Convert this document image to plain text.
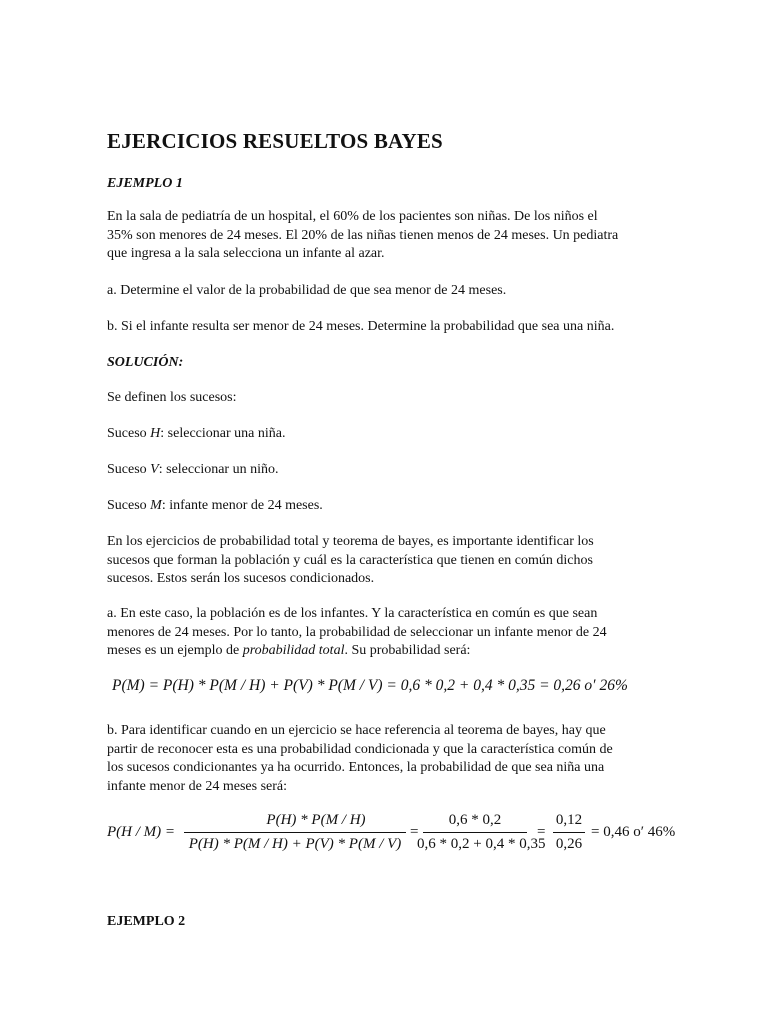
EJERCICIOS RESUELTOS BAYES
EJEMPLO 1
En la sala de pediatría de un hospital, el 60% de los pacientes son niñas. De los niños el
35% son menores de 24 meses. El 20% de las niñas tienen menos de 24 meses. Un pediatra
que ingresa a la sala selecciona un infante al azar.
a. Determine el valor de la probabilidad de que sea menor de 24 meses.
b. Si el infante resulta ser menor de 24 meses. Determine la probabilidad que sea una niña.
SOLUCIÓN:
Se definen los sucesos:
Suceso H: seleccionar una niña.
Suceso V: seleccionar un niño.
Suceso M: infante menor de 24 meses.
En los ejercicios de probabilidad total y teorema de bayes, es importante identificar los
sucesos que forman la población y cuál es la característica que tienen en común dichos
sucesos. Estos serán los sucesos condicionados.
a. En este caso, la población es de los infantes. Y la característica en común es que sean
menores de 24 meses. Por lo tanto, la probabilidad de seleccionar un infante menor de 24
meses es un ejemplo de probabilidad total. Su probabilidad será:
P(M) = P(H) * P(M / H) + P(V) * P(M / V) = 0,6 * 0,2 + 0,4 * 0,35 = 0,26 o′ 26%
b. Para identificar cuando en un ejercicio se hace referencia al teorema de bayes, hay que
partir de reconocer esta es una probabilidad condicionada y que la característica común de
los sucesos condicionantes ya ha ocurrido. Entonces, la probabilidad de que sea niña una
infante menor de 24 meses será:
P(H / M) =
P(H) * P(M / H)
P(H) * P(M / H) + P(V) * P(M / V)
=
0,6 * 0,2
0,6 * 0,2 + 0,4 * 0,35
=
0,12
0,26
= 0,46 o′ 46%
EJEMPLO 2
